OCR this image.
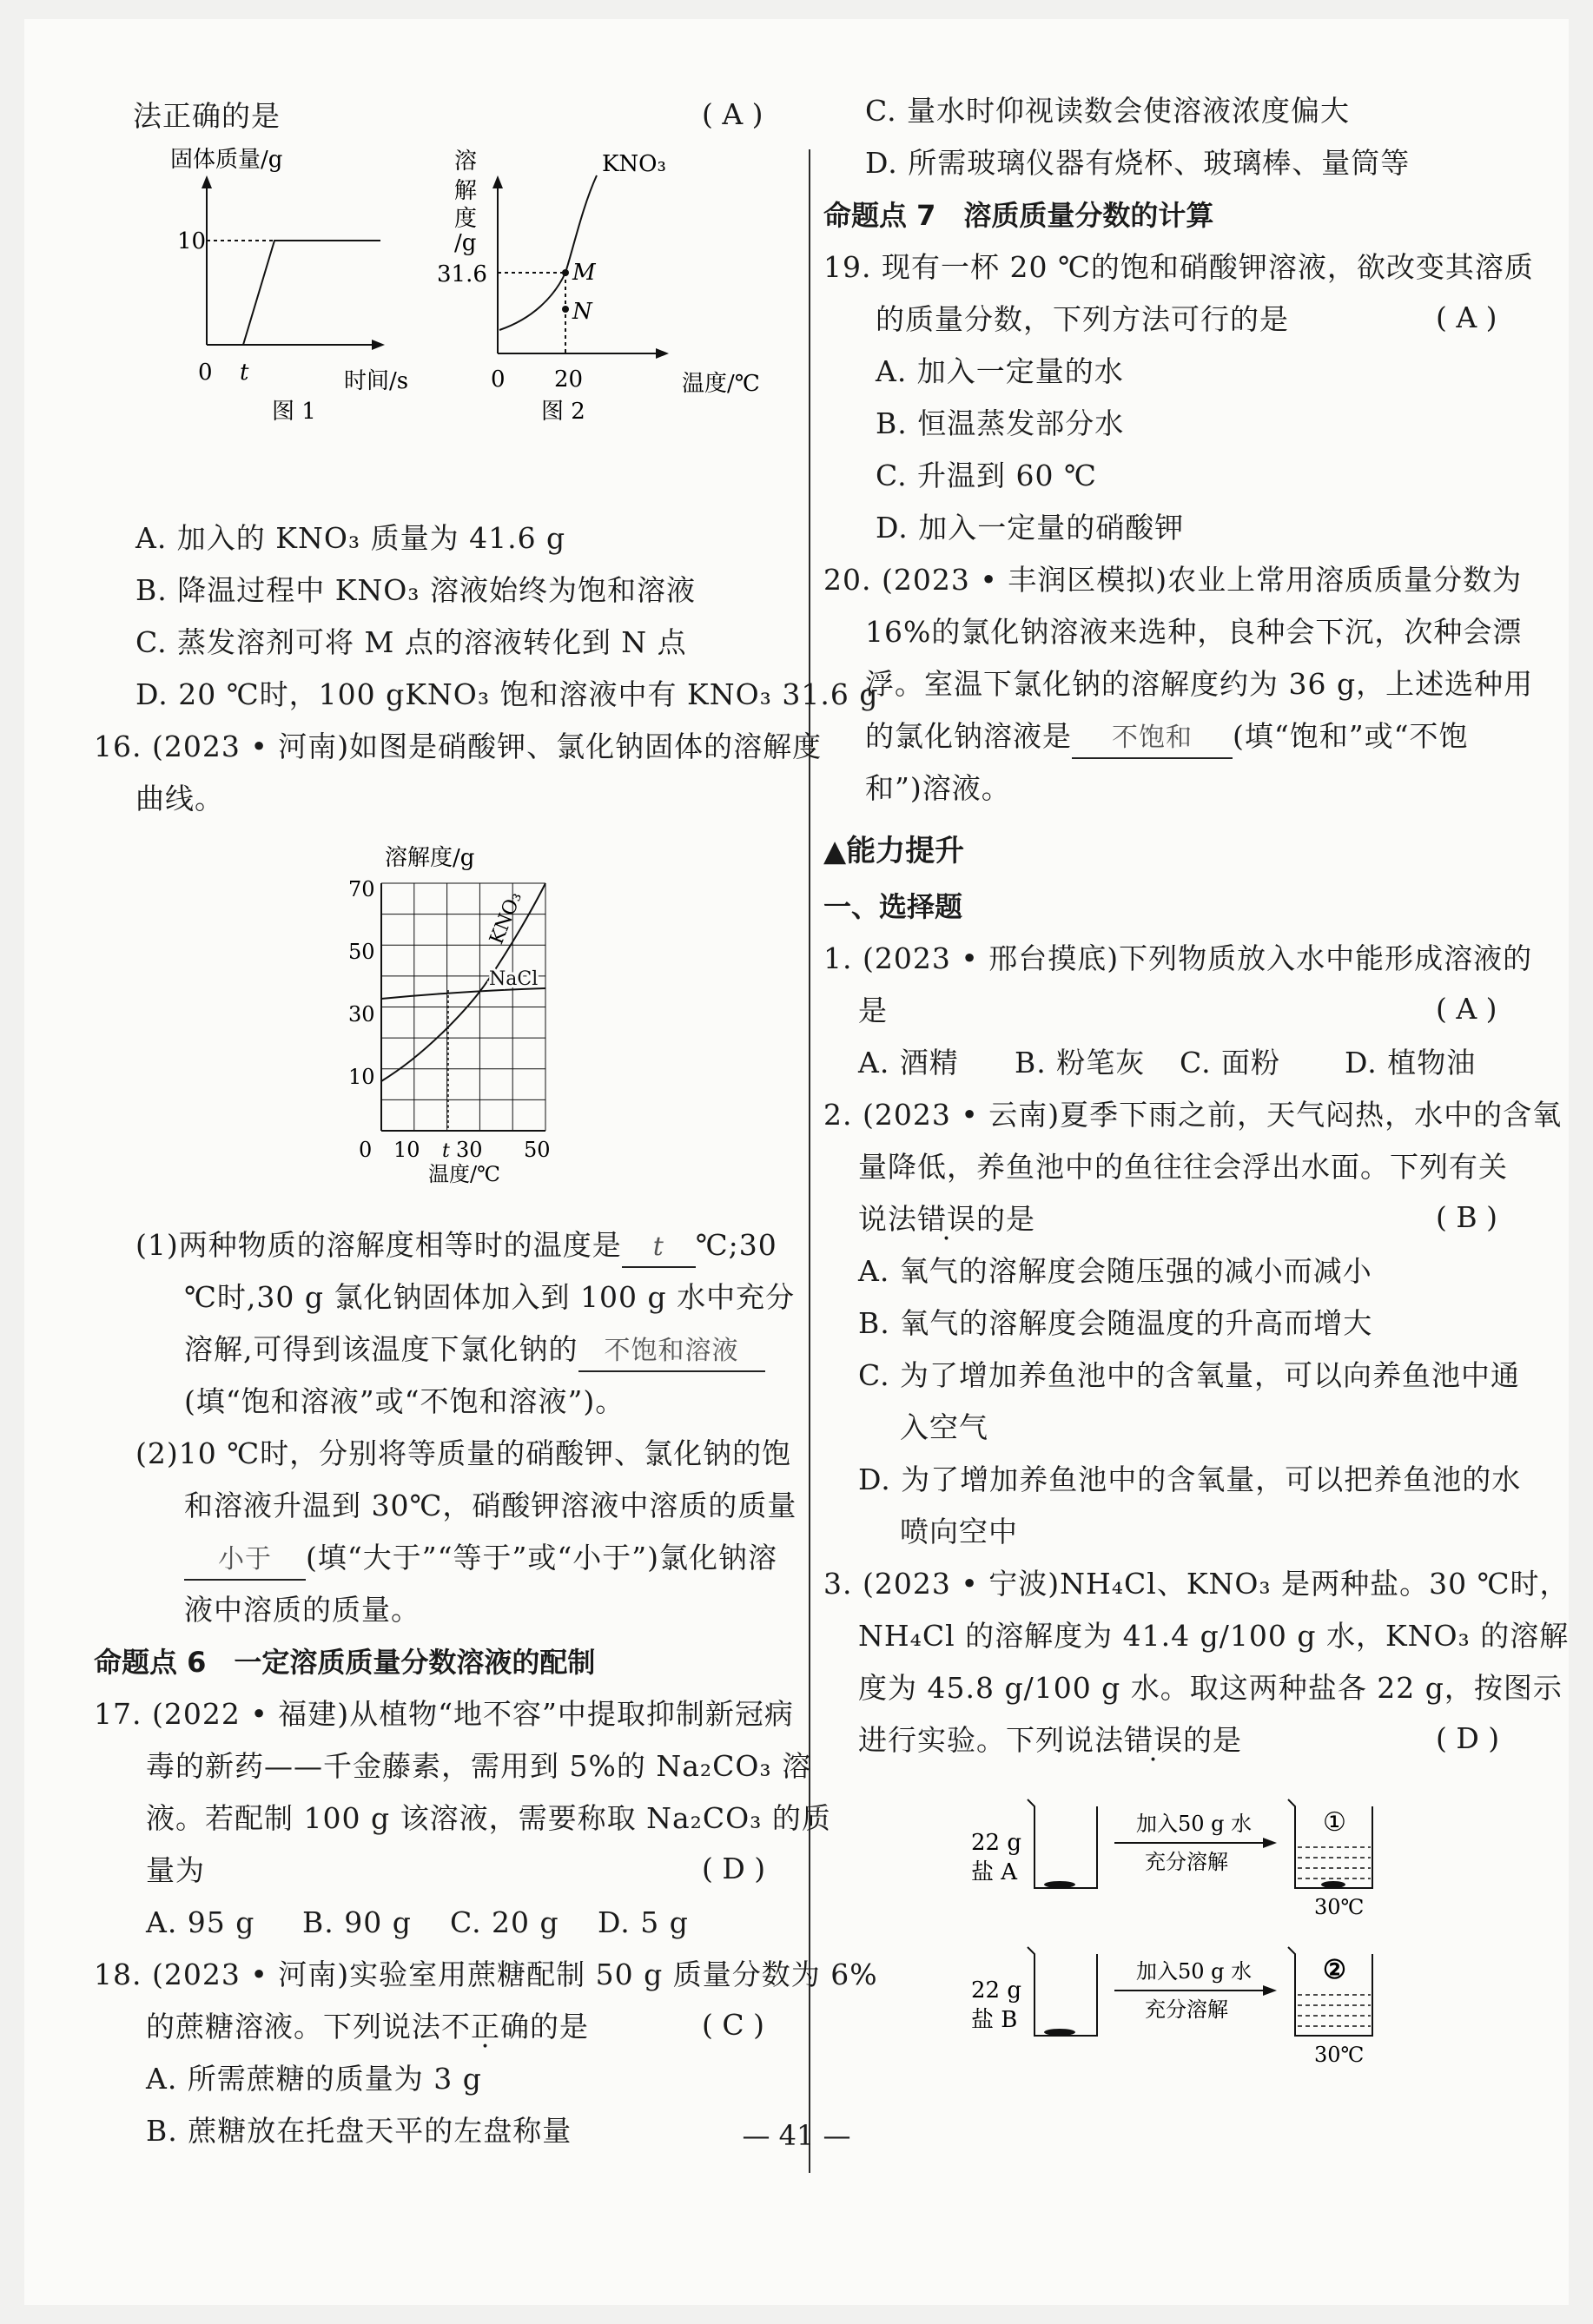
法正确的是	( A )
固体质量/g
10
0 t	时间/s
图 1
溶
解
度
/g
M
N
KNO₃
31.6
0 20	温度/℃
图 2
A. 加入的 KNO₃ 质量为 41.6 g
B. 降温过程中 KNO₃ 溶液始终为饱和溶液
C. 蒸发溶剂可将 M 点的溶液转化到 N 点
D. 20 ℃时，100 gKNO₃ 饱和溶液中有 KNO₃ 31.6 g
16. (2023 • 河南)如图是硝酸钾、氯化钠固体的溶解度
曲线。
溶解度/g
KNO₃
NaCl
70
50
30
10
0 10 t 30 50
温度/℃
(1)两种物质的溶解度相等时的温度是 t ℃;30
℃时,30 g 氯化钠固体加入到 100 g 水中充分
溶解,可得到该温度下氯化钠的 不饱和溶液
(填“饱和溶液”或“不饱和溶液”)。
(2)10 ℃时，分别将等质量的硝酸钾、氯化钠的饱
和溶液升温到 30℃，硝酸钾溶液中溶质的质量
小于 (填“大于”“等于”或“小于”)氯化钠溶
液中溶质的质量。
命题点 6　一定溶质质量分数溶液的配制
17. (2022 • 福建)从植物“地不容”中提取抑制新冠病
毒的新药——千金藤素，需用到 5%的 Na₂CO₃ 溶
液。若配制 100 g 该溶液，需要称取 Na₂CO₃ 的质
量为	( D )
A. 95 g B. 90 g C. 20 g D. 5 g
18. (2023 • 河南)实验室用蔗糖配制 50 g 质量分数为 6%
的蔗糖溶液。下列说法不正确的是	( C )
A. 所需蔗糖的质量为 3 g
B. 蔗糖放在托盘天平的左盘称量
C. 量水时仰视读数会使溶液浓度偏大
D. 所需玻璃仪器有烧杯、玻璃棒、量筒等
命题点 7　溶质质量分数的计算
19. 现有一杯 20 ℃的饱和硝酸钾溶液，欲改变其溶质
的质量分数，下列方法可行的是	( A )
A. 加入一定量的水
B. 恒温蒸发部分水
C. 升温到 60 ℃
D. 加入一定量的硝酸钾
20. (2023 • 丰润区模拟)农业上常用溶质质量分数为
16%的氯化钠溶液来选种，良种会下沉，次种会漂
浮。室温下氯化钠的溶解度约为 36 g，上述选种用
的氯化钠溶液是 不饱和 (填“饱和”或“不饱
和”)溶液。
▲能力提升
一、选择题
1. (2023 • 邢台摸底)下列物质放入水中能形成溶液的
是	( A )
A. 酒精 B. 粉笔灰 C. 面粉 D. 植物油
2. (2023 • 云南)夏季下雨之前，天气闷热，水中的含氧
量降低，养鱼池中的鱼往往会浮出水面。下列有关
说法错误的是	( B )
A. 氧气的溶解度会随压强的减小而减小
B. 氧气的溶解度会随温度的升高而增大
C. 为了增加养鱼池中的含氧量，可以向养鱼池中通
入空气
D. 为了增加养鱼池中的含氧量，可以把养鱼池的水
喷向空中
3. (2023 • 宁波)NH₄Cl、KNO₃ 是两种盐。30 ℃时，
NH₄Cl 的溶解度为 41.4 g/100 g 水，KNO₃ 的溶解
度为 45.8 g/100 g 水。取这两种盐各 22 g，按图示
进行实验。下列说法错误的是	( D )
22 g
盐 A
加入50 g 水
充分溶解
①
30℃
22 g
盐 B
加入50 g 水
充分溶解
②
30℃
— 41 —
